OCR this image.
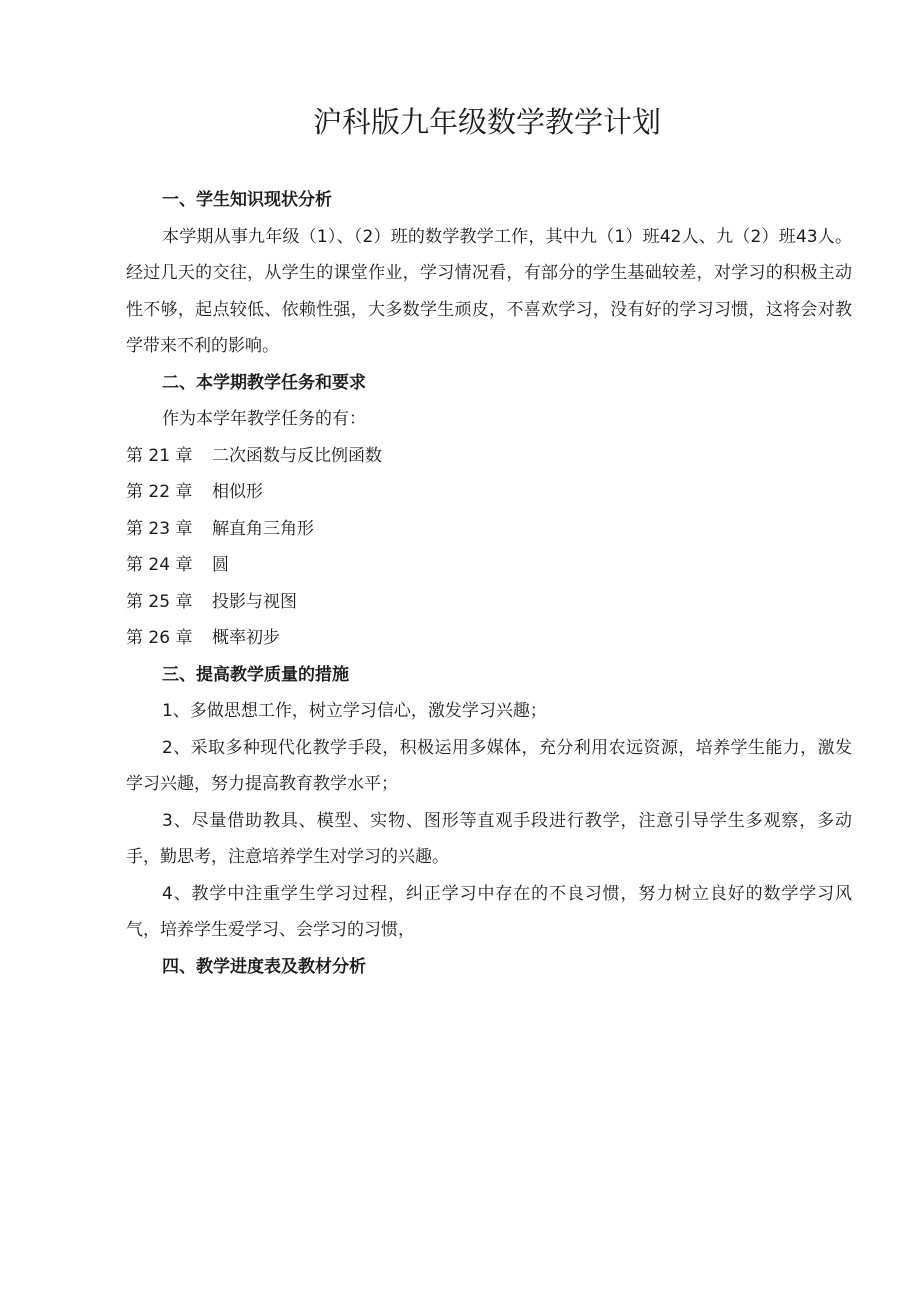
沪科版九年级数学教学计划

一、学生知识现状分析

本学期从事九年级（1）、（2）班的数学教学工作，其中九（1）班42人、九（2）班43人。经过几天的交往，从学生的课堂作业，学习情况看，有部分的学生基础较差，对学习的积极主动性不够，起点较低、依赖性强，大多数学生顽皮，不喜欢学习，没有好的学习习惯，这将会对教学带来不利的影响。

二、本学期教学任务和要求

作为本学年教学任务的有：

第 21 章 二次函数与反比例函数

第 22 章 相似形

第 23 章 解直角三角形

第 24 章 圆

第 25 章 投影与视图

第 26 章 概率初步

三、提高教学质量的措施

1、多做思想工作，树立学习信心，激发学习兴趣；

2、采取多种现代化教学手段，积极运用多媒体，充分利用农远资源，培养学生能力，激发学习兴趣，努力提高教育教学水平；

3、尽量借助教具、模型、实物、图形等直观手段进行教学，注意引导学生多观察，多动手，勤思考，注意培养学生对学习的兴趣。

4、教学中注重学生学习过程，纠正学习中存在的不良习惯，努力树立良好的数学学习风气，培养学生爱学习、会学习的习惯，

四、教学进度表及教材分析
